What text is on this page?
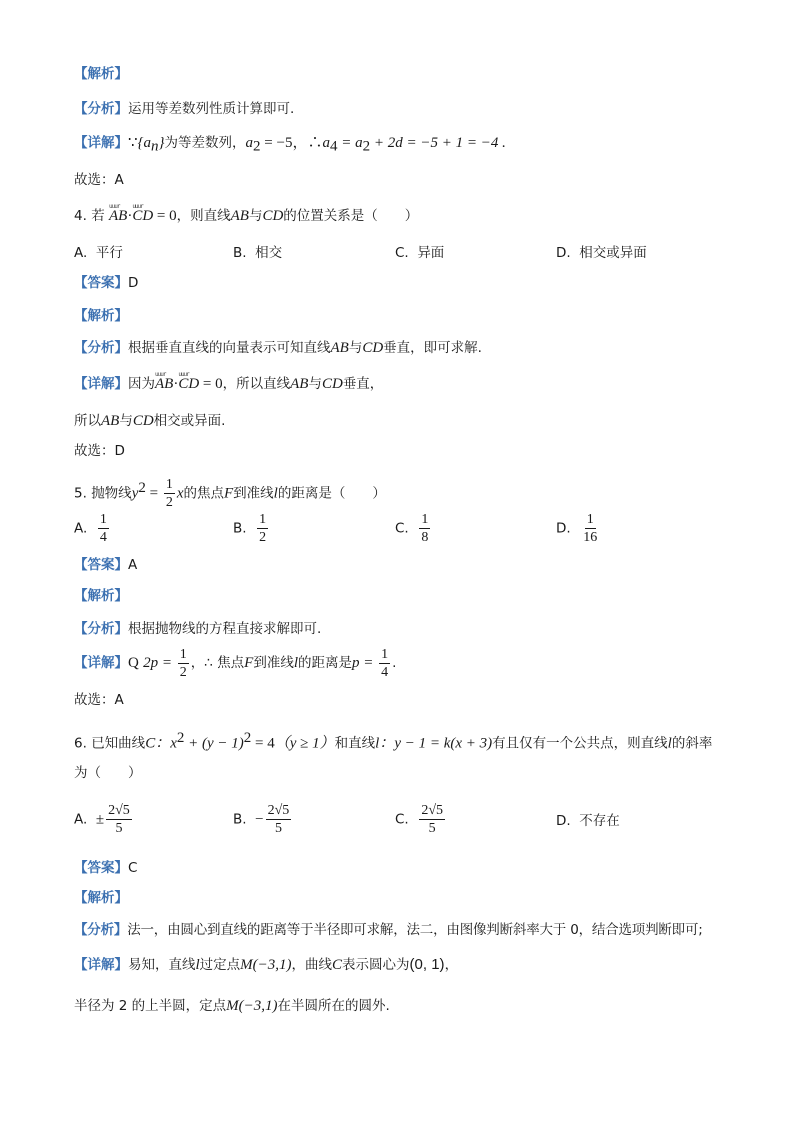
【解析】
【分析】运用等差数列性质计算即可.
【详解】$\because\{a_n\}$为等差数列，$a_2 = -5$，$\therefore a_4 = a_2 + 2d = -5 + 1 = -4$ .
故选：A
4. 若 uuur AB·uuur CD = 0，则直线AB与CD的位置关系是（　　）
A. 平行	B. 相交	C. 异面	D. 相交或异面
【答案】D
【解析】
【分析】根据垂直直线的向量表示可知直线AB与CD垂直，即可求解.
【详解】因为uuur AB·uuur CD = 0，所以直线AB与CD垂直，
所以AB与CD相交或异面.
故选：D
5. 抛物线$y^2 = \frac{1}{2}$ x的焦点F到准线l的距离是（　　）
A. $\frac{1}{4}$	B. $\frac{1}{2}$	C. $\frac{1}{8}$	D. $\frac{1}{16}$
【答案】A
【解析】
【分析】根据抛物线的方程直接求解即可.
【详解】Q $2p = \frac{1}{2}$ ，∴ 焦点F到准线l的距离是$p = \frac{1}{4}$ .
故选：A
6. 已知曲线C：$x^2 + (y - 1)^2 = 4(y \ge 1)$和直线l：y − 1 = k(x + 3)有且仅有一个公共点，则直线l的斜率
为（　　）
A. ± $\frac{2√5}{5}$	B. − $\frac{2√5}{5}$	C. $\frac{2√5}{5}$	D. 不存在
【答案】C
【解析】
【分析】法一，由圆心到直线的距离等于半径即可求解，法二，由图像判断斜率大于 0，结合选项判断即可;
【详解】易知，直线l过定点M(−3,1)，曲线C表示圆心为(0, 1)，
半径为 2 的上半圆，定点M(−3,1)在半圆所在的圆外.
